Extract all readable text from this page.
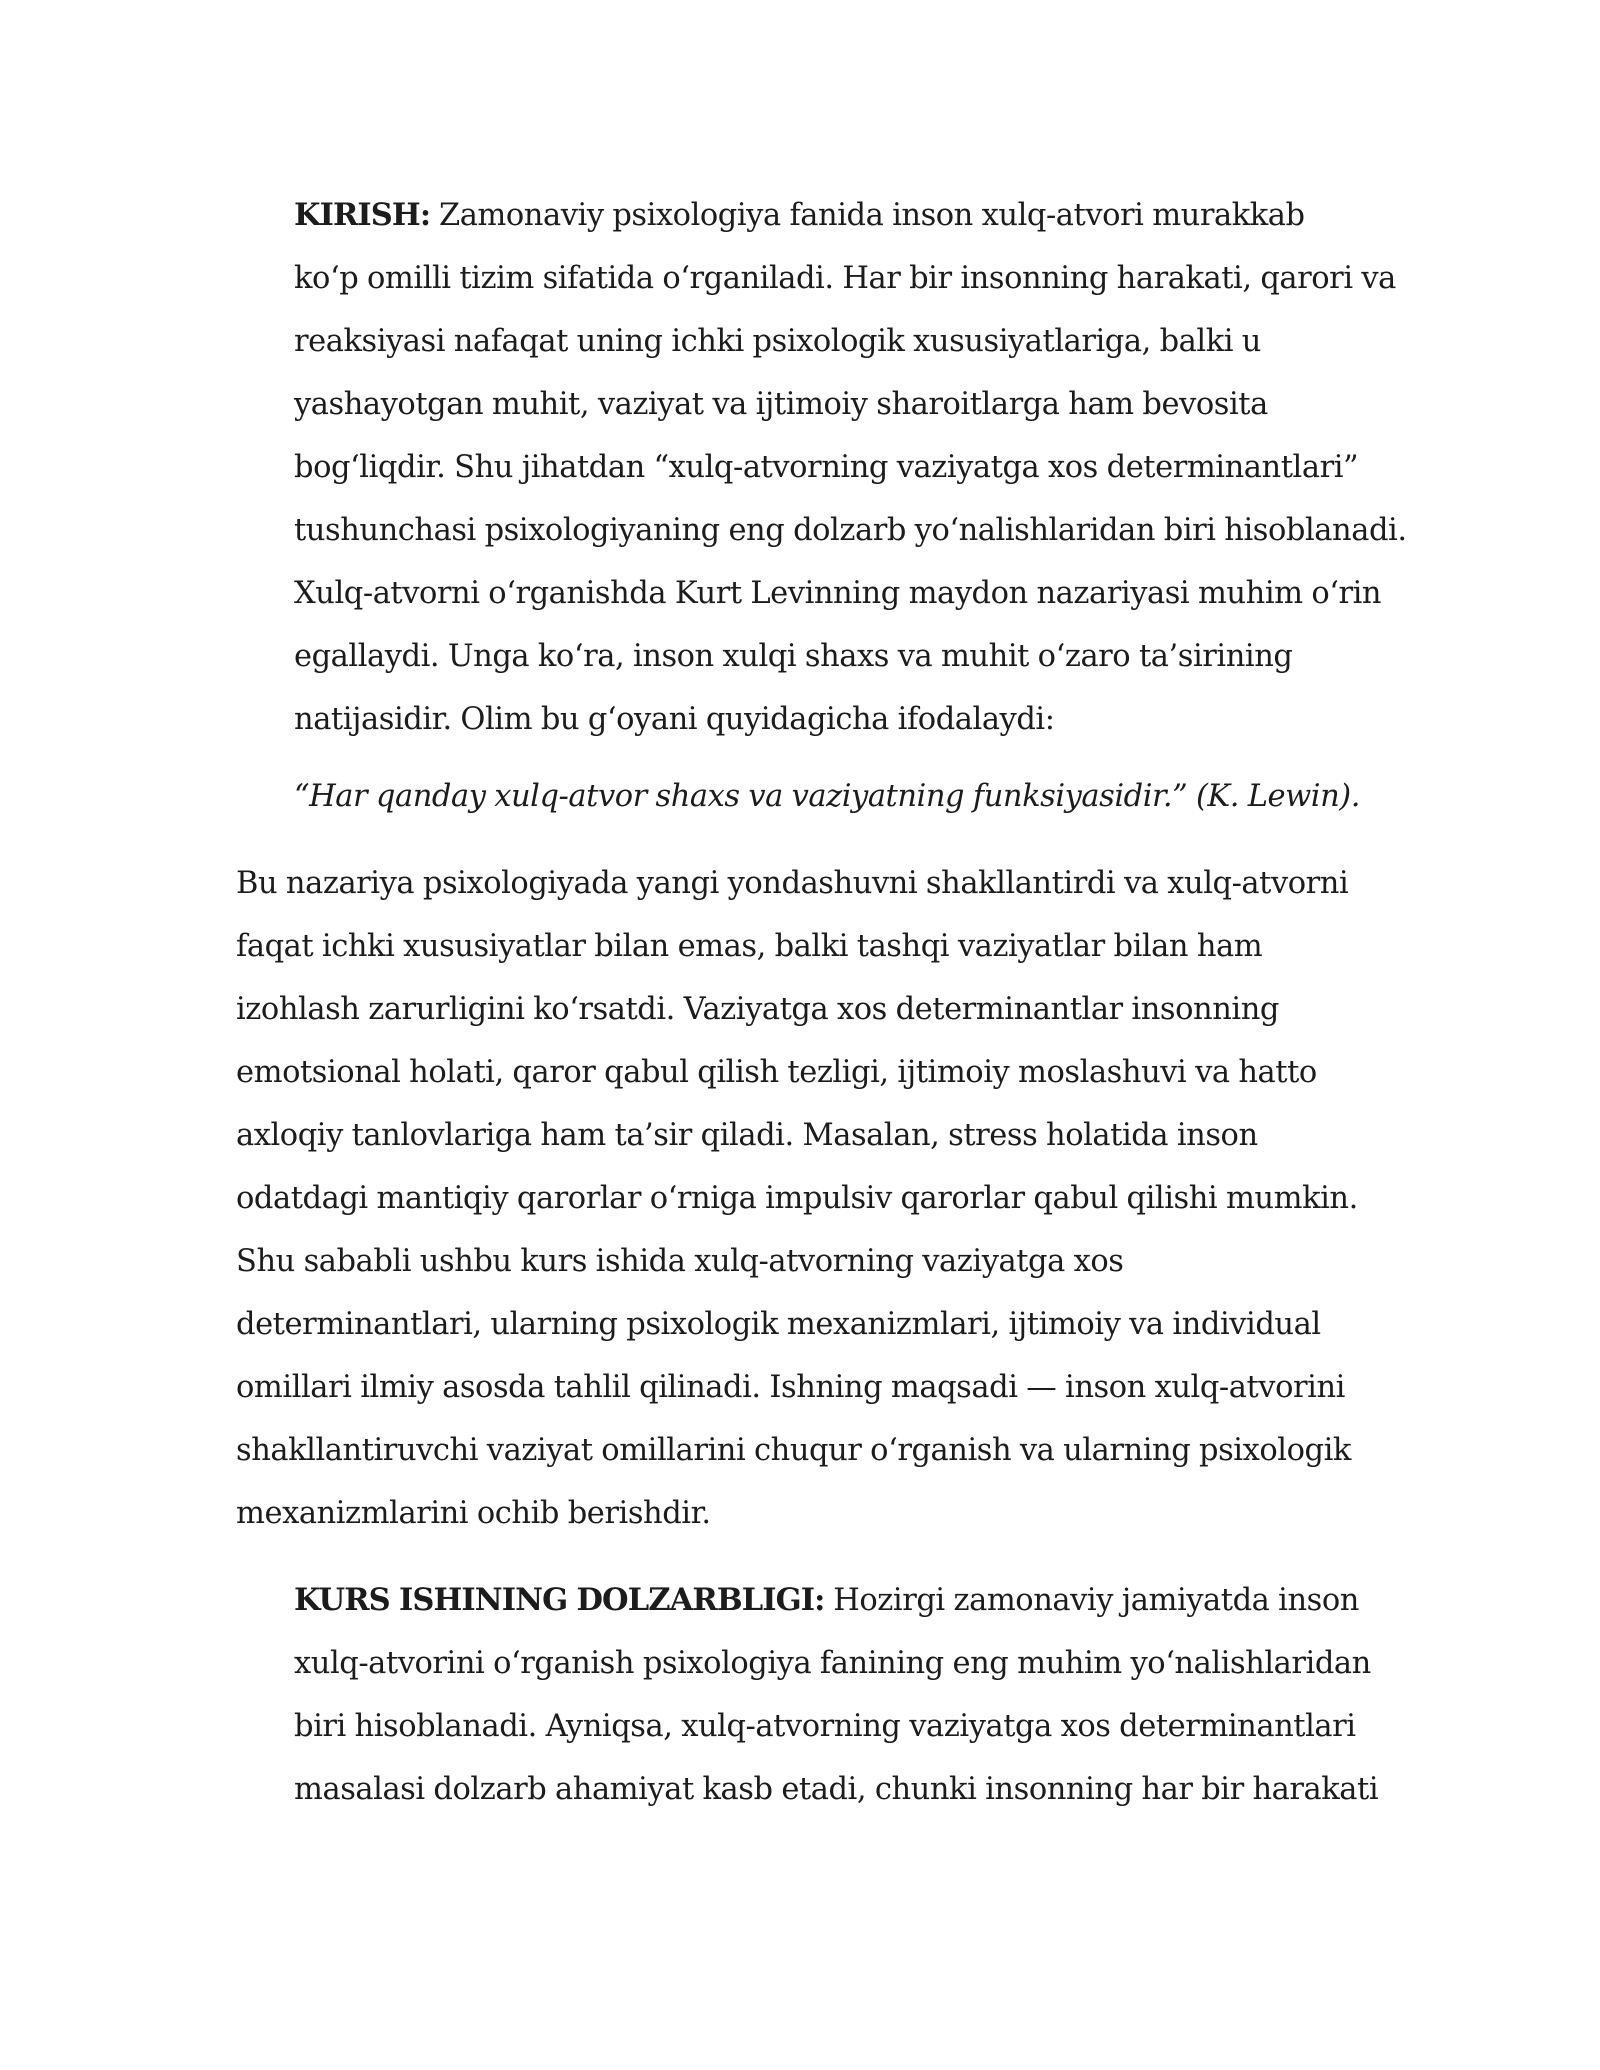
KIRISH: Zamonaviy psixologiya fanida inson xulq-atvori murakkab
ko‘p omilli tizim sifatida o‘rganiladi. Har bir insonning harakati, qarori va
reaksiyasi nafaqat uning ichki psixologik xususiyatlariga, balki u
yashayotgan muhit, vaziyat va ijtimoiy sharoitlarga ham bevosita
bog‘liqdir. Shu jihatdan “xulq-atvorning vaziyatga xos determinantlari”
tushunchasi psixologiyaning eng dolzarb yo‘nalishlaridan biri hisoblanadi.
Xulq-atvorni o‘rganishda Kurt Levinning maydon nazariyasi muhim o‘rin
egallaydi. Unga ko‘ra, inson xulqi shaxs va muhit o‘zaro ta’sirining
natijasidir. Olim bu g‘oyani quyidagicha ifodalaydi:

“Har qanday xulq-atvor shaxs va vaziyatning funksiyasidir.” (K. Lewin).

Bu nazariya psixologiyada yangi yondashuvni shakllantirdi va xulq-atvorni
faqat ichki xususiyatlar bilan emas, balki tashqi vaziyatlar bilan ham
izohlash zarurligini ko‘rsatdi. Vaziyatga xos determinantlar insonning
emotsional holati, qaror qabul qilish tezligi, ijtimoiy moslashuvi va hatto
axloqiy tanlovlariga ham ta’sir qiladi. Masalan, stress holatida inson
odatdagi mantiqiy qarorlar o‘rniga impulsiv qarorlar qabul qilishi mumkin.
Shu sababli ushbu kurs ishida xulq-atvorning vaziyatga xos
determinantlari, ularning psixologik mexanizmlari, ijtimoiy va individual
omillari ilmiy asosda tahlil qilinadi. Ishning maqsadi — inson xulq-atvorini
shakllantiruvchi vaziyat omillarini chuqur o‘rganish va ularning psixologik
mexanizmlarini ochib berishdir.

KURS ISHINING DOLZARBLIGI: Hozirgi zamonaviy jamiyatda inson
xulq-atvorini o‘rganish psixologiya fanining eng muhim yo‘nalishlaridan
biri hisoblanadi. Ayniqsa, xulq-atvorning vaziyatga xos determinantlari
masalasi dolzarb ahamiyat kasb etadi, chunki insonning har bir harakati
